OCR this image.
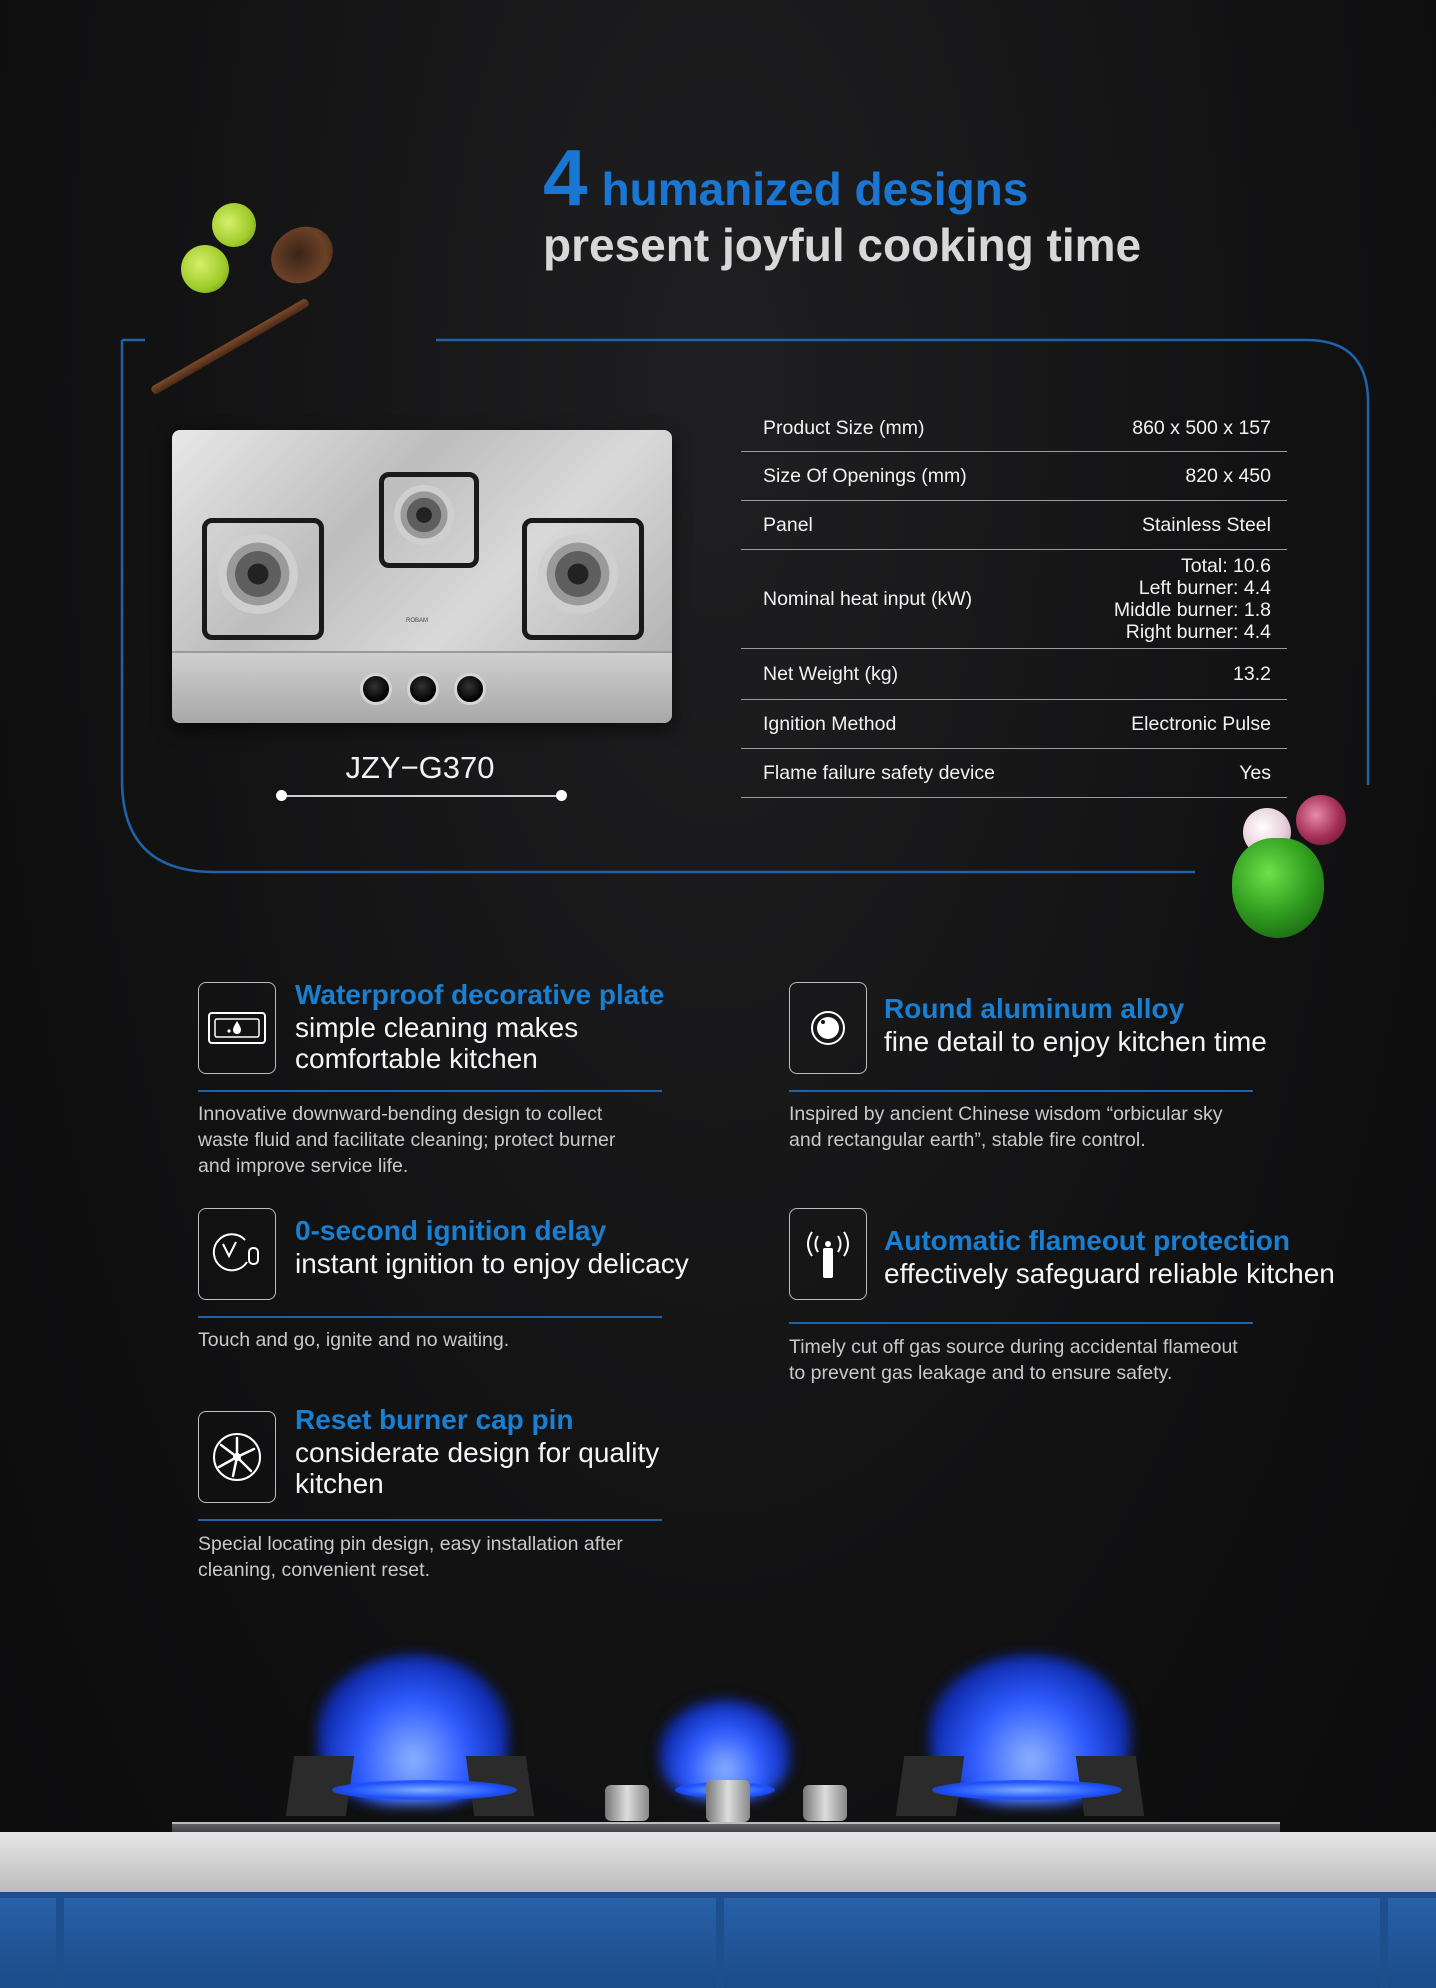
4 humanized designs
present joyful cooking time
ROBAM
JZY−G370
Product Size (mm)	860 x 500 x 157
Size Of Openings (mm)	820 x 450
Panel	Stainless Steel
Nominal heat input (kW)
Total: 10.6
Left burner: 4.4
Middle burner: 1.8
Right burner: 4.4
Net Weight (kg)	13.2
Ignition Method	Electronic Pulse
Flame failure safety device	Yes
Waterproof decorative plate
simple cleaning makes
comfortable kitchen
Innovative downward-bending design to collect
waste fluid and facilitate cleaning; protect burner
and improve service life.
Round aluminum alloy
fine detail to enjoy kitchen time
Inspired by ancient Chinese wisdom “orbicular sky
and rectangular earth”, stable fire control.
0-second ignition delay
instant ignition to enjoy delicacy
Touch and go, ignite and no waiting.
Automatic flameout protection
effectively safeguard reliable kitchen
Timely cut off gas source during accidental flameout
to prevent gas leakage and to ensure safety.
Reset burner cap pin
considerate design for quality
kitchen
Special locating pin design, easy installation after
cleaning, convenient reset.
